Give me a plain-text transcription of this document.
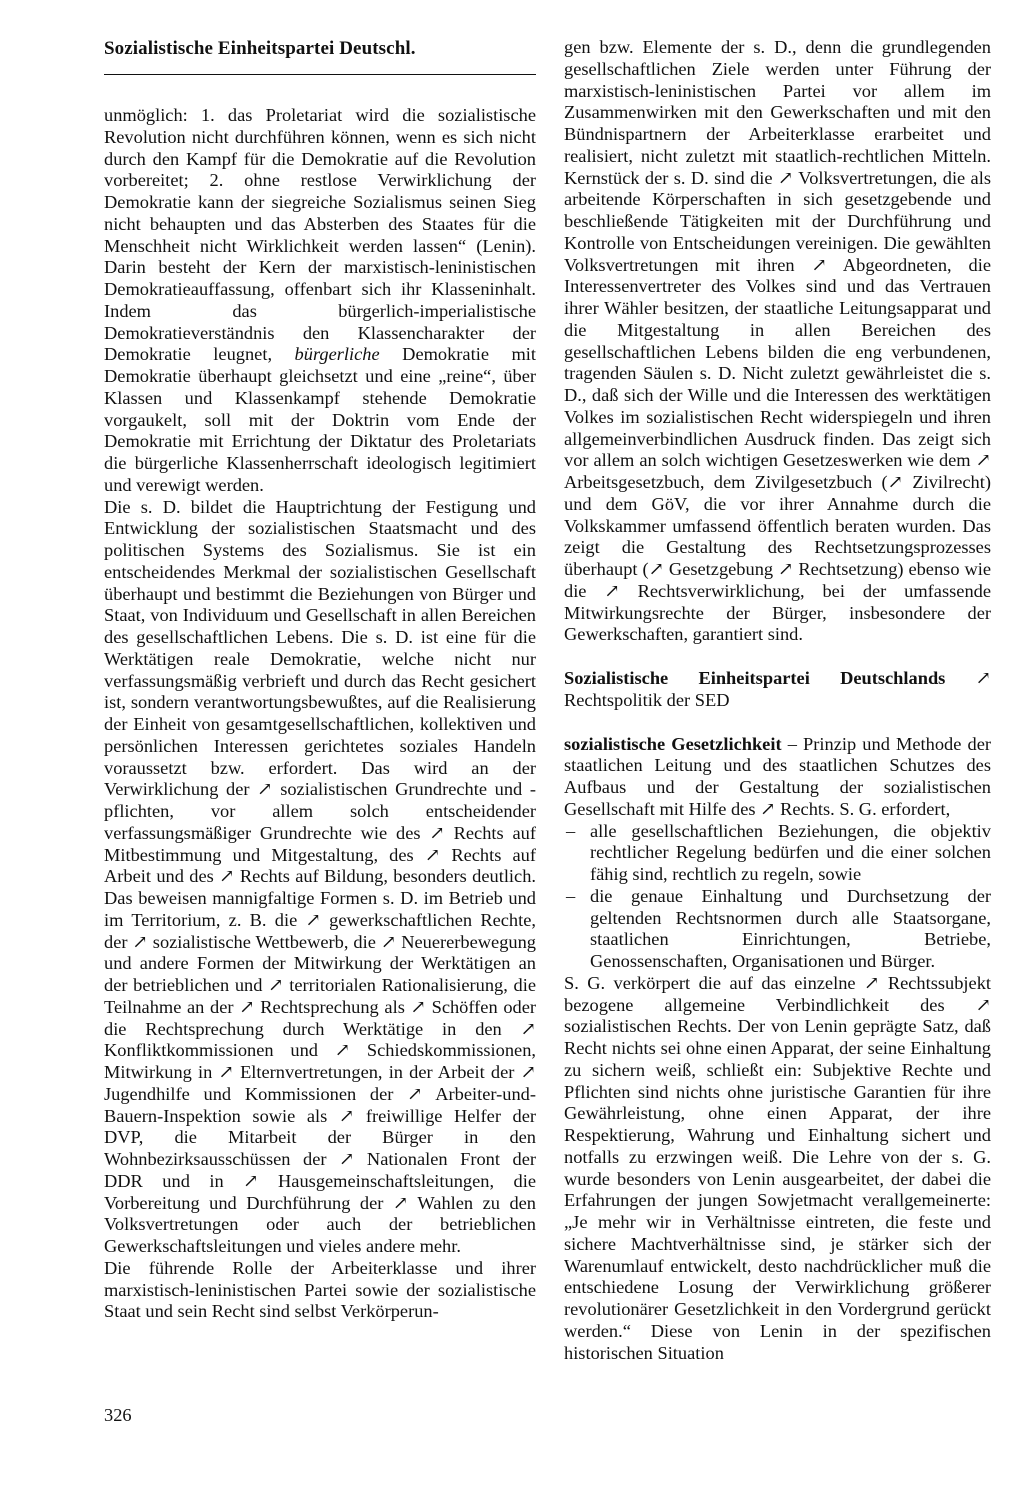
Sozialistische Einheitspartei Deutschl.

unmöglich: 1. das Proletariat wird die sozialistische Revolution nicht durchführen können, wenn es sich nicht durch den Kampf für die Demokratie auf die Revolution vorbereitet; 2. ohne restlose Verwirklichung der Demokratie kann der siegreiche Sozialismus seinen Sieg nicht behaupten und das Absterben des Staates für die Menschheit nicht Wirklichkeit werden lassen“ (Lenin). Darin besteht der Kern der marxistisch-leninistischen Demokratieauffassung, offenbart sich ihr Klasseninhalt. Indem das bürgerlich-imperialistische Demokratieverständnis den Klassencharakter der Demokratie leugnet, bürgerliche Demokratie mit Demokratie überhaupt gleichsetzt und eine „reine“, über Klassen und Klassenkampf stehende Demokratie vorgaukelt, soll mit der Doktrin vom Ende der Demokratie mit Errichtung der Diktatur des Proletariats die bürgerliche Klassenherrschaft ideologisch legitimiert und verewigt werden.

Die s. D. bildet die Hauptrichtung der Festigung und Entwicklung der sozialistischen Staatsmacht und des politischen Systems des Sozialismus. Sie ist ein entscheidendes Merkmal der sozialistischen Gesellschaft überhaupt und bestimmt die Beziehungen von Bürger und Staat, von Individuum und Gesellschaft in allen Bereichen des gesellschaftlichen Lebens. Die s. D. ist eine für die Werktätigen reale Demokratie, welche nicht nur verfassungsmäßig verbrieft und durch das Recht gesichert ist, sondern verantwortungsbewußtes, auf die Realisierung der Einheit von gesamtgesellschaftlichen, kollektiven und persönlichen Interessen gerichtetes soziales Handeln voraussetzt bzw. erfordert. Das wird an der Verwirklichung der ↗ sozialistischen Grundrechte und -pflichten, vor allem solch entscheidender verfassungsmäßiger Grundrechte wie des ↗ Rechts auf Mitbestimmung und Mitgestaltung, des ↗ Rechts auf Arbeit und des ↗ Rechts auf Bildung, besonders deutlich. Das beweisen mannigfaltige Formen s. D. im Betrieb und im Territorium, z. B. die ↗ gewerkschaftlichen Rechte, der ↗ sozialistische Wettbewerb, die ↗ Neuererbewegung und andere Formen der Mitwirkung der Werktätigen an der betrieblichen und ↗ territorialen Rationalisierung, die Teilnahme an der ↗ Rechtsprechung als ↗ Schöffen oder die Rechtsprechung durch Werktätige in den ↗ Konfliktkommissionen und ↗ Schiedskommissionen, Mitwirkung in ↗ Elternvertretungen, in der Arbeit der ↗ Jugendhilfe und Kommissionen der ↗ Arbeiter-und-Bauern-Inspektion sowie als ↗ freiwillige Helfer der DVP, die Mitarbeit der Bürger in den Wohnbezirksausschüssen der ↗ Nationalen Front der DDR und in ↗ Hausgemeinschaftsleitungen, die Vorbereitung und Durchführung der ↗ Wahlen zu den Volksvertretungen oder auch der betrieblichen Gewerkschaftsleitungen und vieles andere mehr.

Die führende Rolle der Arbeiterklasse und ihrer marxistisch-leninistischen Partei sowie der sozialistische Staat und sein Recht sind selbst Verkörperun-

gen bzw. Elemente der s. D., denn die grundlegenden gesellschaftlichen Ziele werden unter Führung der marxistisch-leninistischen Partei vor allem im Zusammenwirken mit den Gewerkschaften und mit den Bündnispartnern der Arbeiterklasse erarbeitet und realisiert, nicht zuletzt mit staatlich-rechtlichen Mitteln. Kernstück der s. D. sind die ↗ Volksvertretungen, die als arbeitende Körperschaften in sich gesetzgebende und beschließende Tätigkeiten mit der Durchführung und Kontrolle von Entscheidungen vereinigen. Die gewählten Volksvertretungen mit ihren ↗ Abgeordneten, die Interessenvertreter des Volkes sind und das Vertrauen ihrer Wähler besitzen, der staatliche Leitungsapparat und die Mitgestaltung in allen Bereichen des gesellschaftlichen Lebens bilden die eng verbundenen, tragenden Säulen s. D. Nicht zuletzt gewährleistet die s. D., daß sich der Wille und die Interessen des werktätigen Volkes im sozialistischen Recht widerspiegeln und ihren allgemeinverbindlichen Ausdruck finden. Das zeigt sich vor allem an solch wichtigen Gesetzeswerken wie dem ↗ Arbeitsgesetzbuch, dem Zivilgesetzbuch (↗ Zivilrecht) und dem GöV, die vor ihrer Annahme durch die Volkskammer umfassend öffentlich beraten wurden. Das zeigt die Gestaltung des Rechtsetzungsprozesses überhaupt (↗ Gesetzgebung ↗ Rechtsetzung) ebenso wie die ↗ Rechtsverwirklichung, bei der umfassende Mitwirkungsrechte der Bürger, insbesondere der Gewerkschaften, garantiert sind.

Sozialistische Einheitspartei Deutschlands ↗ Rechtspolitik der SED

sozialistische Gesetzlichkeit – Prinzip und Methode der staatlichen Leitung und des staatlichen Schutzes des Aufbaus und der Gestaltung der sozialistischen Gesellschaft mit Hilfe des ↗ Rechts. S. G. erfordert,

– alle gesellschaftlichen Beziehungen, die objektiv rechtlicher Regelung bedürfen und die einer solchen fähig sind, rechtlich zu regeln, sowie
– die genaue Einhaltung und Durchsetzung der geltenden Rechtsnormen durch alle Staatsorgane, staatlichen Einrichtungen, Betriebe, Genossenschaften, Organisationen und Bürger.

S. G. verkörpert die auf das einzelne ↗ Rechtssubjekt bezogene allgemeine Verbindlichkeit des ↗ sozialistischen Rechts. Der von Lenin geprägte Satz, daß Recht nichts sei ohne einen Apparat, der seine Einhaltung zu sichern weiß, schließt ein: Subjektive Rechte und Pflichten sind nichts ohne juristische Garantien für ihre Gewährleistung, ohne einen Apparat, der ihre Respektierung, Wahrung und Einhaltung sichert und notfalls zu erzwingen weiß. Die Lehre von der s. G. wurde besonders von Lenin ausgearbeitet, der dabei die Erfahrungen der jungen Sowjetmacht verallgemeinerte: „Je mehr wir in Verhältnisse eintreten, die feste und sichere Machtverhältnisse sind, je stärker sich der Warenumlauf entwickelt, desto nachdrücklicher muß die entschiedene Losung der Verwirklichung größerer revolutionärer Gesetzlichkeit in den Vordergrund gerückt werden.“ Diese von Lenin in der spezifischen historischen Situation

326
